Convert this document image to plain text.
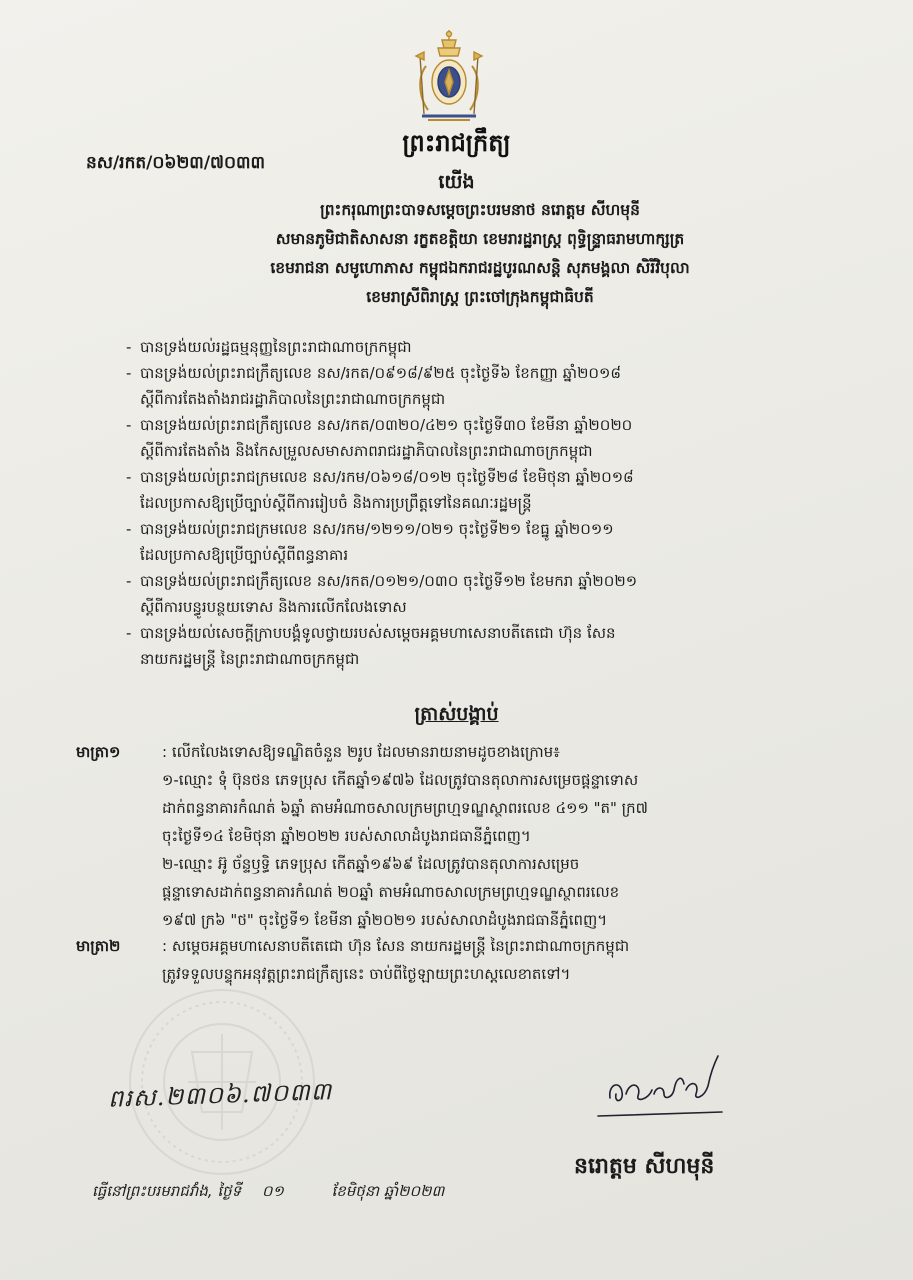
ព្រះរាជក្រឹត្យ
នស/រកត/០៦២៣/៧០៣៣
យើង
ព្រះករុណាព្រះបាទសម្តេចព្រះបរមនាថ នរោត្តម សីហមុនី
សមានភូមិជាតិសាសនា រក្ខតខត្តិយា ខេមរារដ្ឋរាស្ត្រ ពុទ្ធិន្ទ្រាធរាមហាក្សត្រ
ខេមរាជនា សមូហោភាស កម្ពុជឯករាជរដ្ឋបូរណសន្តិ សុភមង្គលា សិរីវិបុលា
ខេមរាស្រីពិរាស្ត្រ ព្រះចៅក្រុងកម្ពុជាធិបតី
- បានទ្រង់យល់រដ្ឋធម្មនុញ្ញនៃព្រះរាជាណាចក្រកម្ពុជា
- បានទ្រង់យល់ព្រះរាជក្រឹត្យលេខ នស/រកត/០៩១៨/៩២៥ ចុះថ្ងៃទី៦ ខែកញ្ញា ឆ្នាំ២០១៨
ស្តីពីការតែងតាំងរាជរដ្ឋាភិបាលនៃព្រះរាជាណាចក្រកម្ពុជា
- បានទ្រង់យល់ព្រះរាជក្រឹត្យលេខ នស/រកត/០៣២០/៤២១ ចុះថ្ងៃទី៣០ ខែមីនា ឆ្នាំ២០២០
ស្តីពីការតែងតាំង និងកែសម្រួលសមាសភាពរាជរដ្ឋាភិបាលនៃព្រះរាជាណាចក្រកម្ពុជា
- បានទ្រង់យល់ព្រះរាជក្រមលេខ នស/រកម/០៦១៨/០១២ ចុះថ្ងៃទី២៨ ខែមិថុនា ឆ្នាំ២០១៨
ដែលប្រកាសឱ្យប្រើច្បាប់ស្តីពីការរៀបចំ និងការប្រព្រឹត្តទៅនៃគណៈរដ្ឋមន្ត្រី
- បានទ្រង់យល់ព្រះរាជក្រមលេខ នស/រកម/១២១១/០២១ ចុះថ្ងៃទី២១ ខែធ្នូ ឆ្នាំ២០១១
ដែលប្រកាសឱ្យប្រើច្បាប់ស្តីពីពន្ធនាគារ
- បានទ្រង់យល់ព្រះរាជក្រឹត្យលេខ នស/រកត/០១២១/០៣០ ចុះថ្ងៃទី១២ ខែមករា ឆ្នាំ២០២១
ស្តីពីការបន្ធូរបន្ថយទោស និងការលើកលែងទោស
- បានទ្រង់យល់សេចក្តីក្រាបបង្គំទូលថ្វាយរបស់សម្តេចអគ្គមហាសេនាបតីតេជោ ហ៊ុន សែន
នាយករដ្ឋមន្ត្រី នៃព្រះរាជាណាចក្រកម្ពុជា
ត្រាស់បង្គាប់
មាត្រា១	: លើកលែងទោសឱ្យទណ្ឌិតចំនួន ២រូប ដែលមានរាយនាមដូចខាងក្រោម៖
១-ឈ្មោះ ទុំ ប៊ុនថន ភេទប្រុស កើតឆ្នាំ១៩៧៦ ដែលត្រូវបានតុលាការសម្រេចផ្តន្ទាទោស
ដាក់ពន្ធនាគារកំណត់ ៦ឆ្នាំ តាមអំណាចសាលក្រមព្រហ្មទណ្ឌស្ថាពរលេខ ៤១១ "ត" ក្រ៧
ចុះថ្ងៃទី១៤ ខែមិថុនា ឆ្នាំ២០២២ របស់សាលាដំបូងរាជធានីភ្នំពេញ។
២-ឈ្មោះ អ៊ូ ច័ន្ទឫទ្ធិ ភេទប្រុស កើតឆ្នាំ១៩៦៩ ដែលត្រូវបានតុលាការសម្រេច
ផ្តន្ទាទោសដាក់ពន្ធនាគារកំណត់ ២០ឆ្នាំ តាមអំណាចសាលក្រមព្រហ្មទណ្ឌស្ថាពរលេខ
១៩៧ ក្រ៦ "ថ" ចុះថ្ងៃទី១ ខែមីនា ឆ្នាំ២០២១ របស់សាលាដំបូងរាជធានីភ្នំពេញ។
មាត្រា២	: សម្តេចអគ្គមហាសេនាបតីតេជោ ហ៊ុន សែន នាយករដ្ឋមន្ត្រី នៃព្រះរាជាណាចក្រកម្ពុជា
ត្រូវទទួលបន្ទុកអនុវត្តព្រះរាជក្រឹត្យនេះ ចាប់ពីថ្ងៃឡាយព្រះហស្តលេខាតទៅ។
ពរស.២៣០៦.៧០៣៣
នរោត្តម សីហមុនី
ធ្វើនៅព្រះបរមរាជវាំង, ថ្ងៃទី ០១	ខែមិថុនា ឆ្នាំ២០២៣
